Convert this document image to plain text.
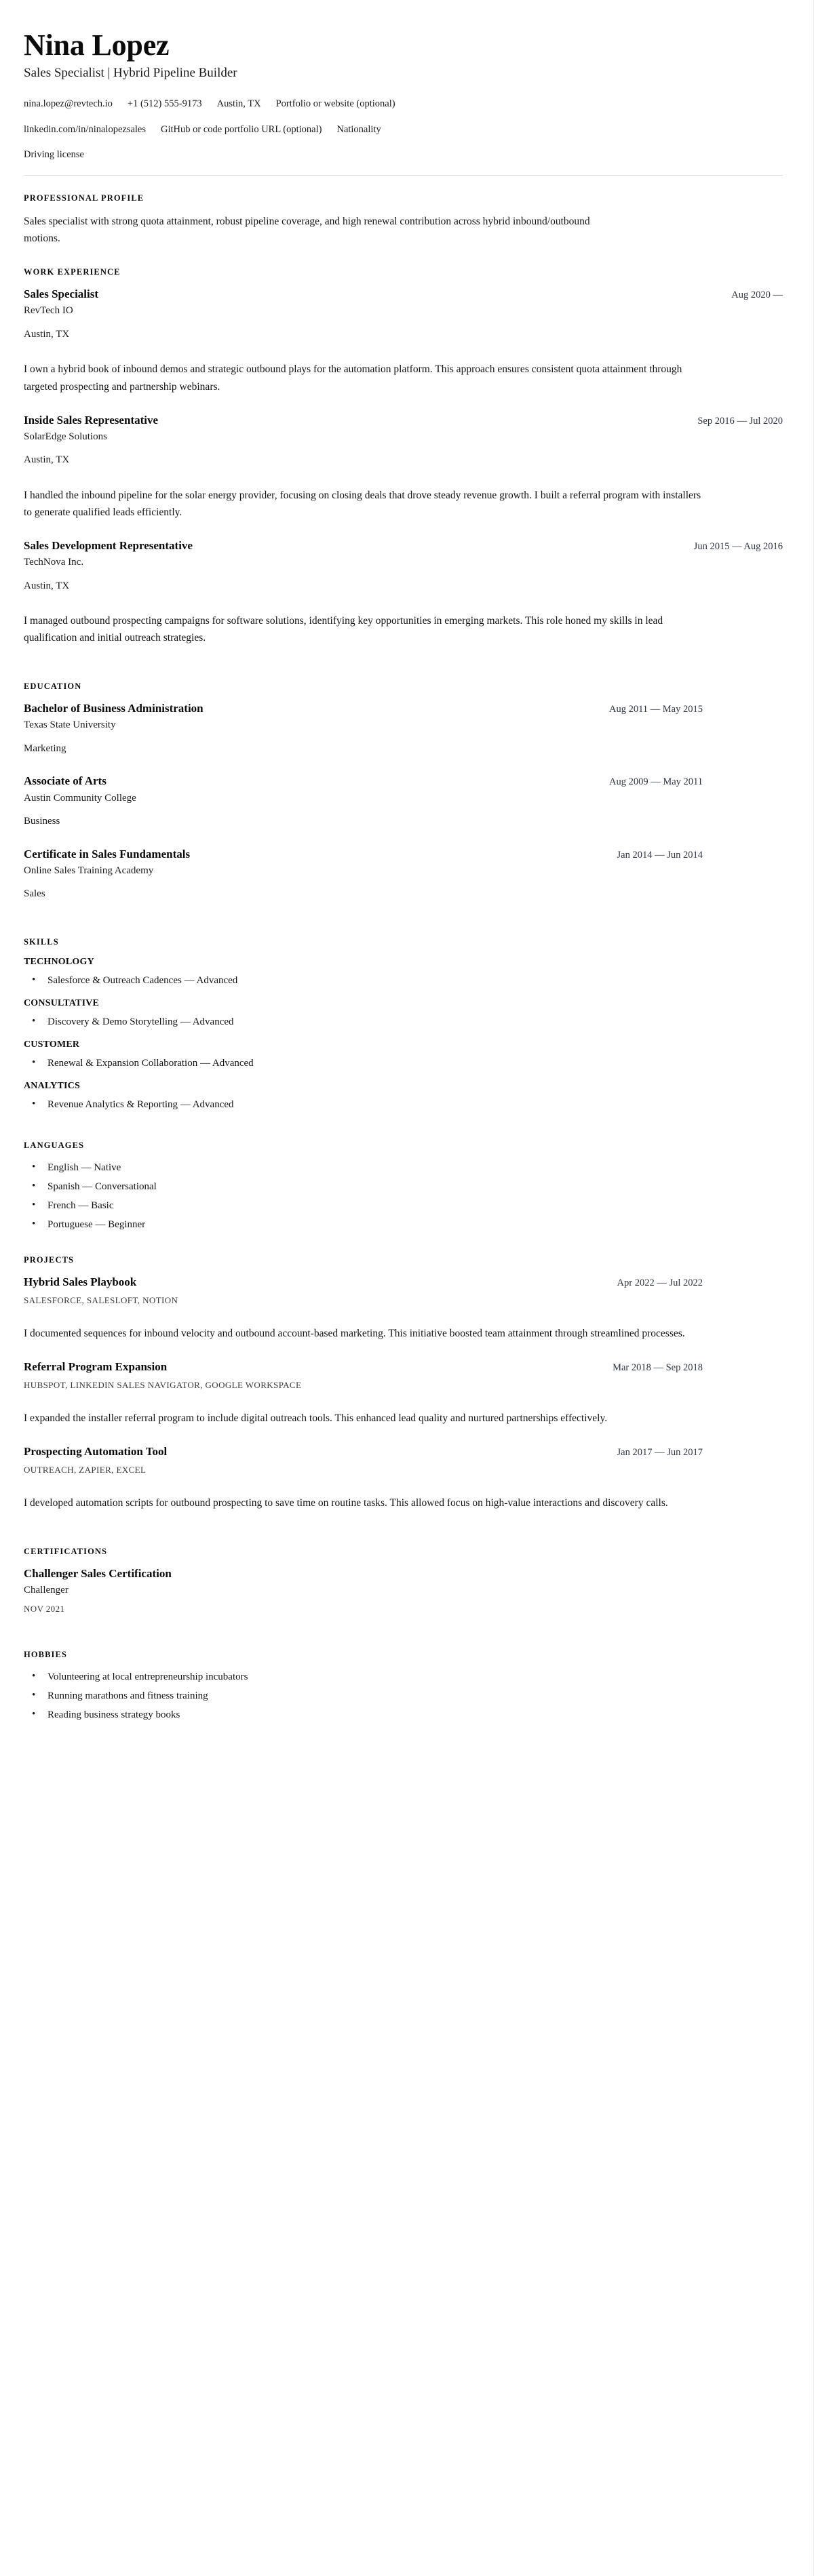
Nina Lopez
Sales Specialist | Hybrid Pipeline Builder
nina.lopez@revtech.io +1 (512) 555-9173 Austin, TX Portfolio or website (optional)
linkedin.com/in/ninalopezsales GitHub or code portfolio URL (optional) Nationality
Driving license
PROFESSIONAL PROFILE

Sales specialist with strong quota attainment, robust pipeline coverage, and high renewal contribution across hybrid inbound/outbound motions.

WORK EXPERIENCE
Sales Specialist	Aug 2020 —
RevTech IO
Austin, TX

I own a hybrid book of inbound demos and strategic outbound plays for the automation platform. This approach ensures consistent quota attainment through targeted prospecting and partnership webinars.

Inside Sales Representative	Sep 2016 — Jul 2020
SolarEdge Solutions
Austin, TX

I handled the inbound pipeline for the solar energy provider, focusing on closing deals that drove steady revenue growth. I built a referral program with installers to generate qualified leads efficiently.

Sales Development Representative	Jun 2015 — Aug 2016
TechNova Inc.
Austin, TX

I managed outbound prospecting campaigns for software solutions, identifying key opportunities in emerging markets. This role honed my skills in lead qualification and initial outreach strategies.

EDUCATION
Bachelor of Business Administration	Aug 2011 — May 2015
Texas State University
Marketing
Associate of Arts	Aug 2009 — May 2011
Austin Community College
Business
Certificate in Sales Fundamentals	Jan 2014 — Jun 2014
Online Sales Training Academy
Sales
SKILLS
TECHNOLOGY
• Salesforce & Outreach Cadences — Advanced
CONSULTATIVE
• Discovery & Demo Storytelling — Advanced
CUSTOMER
• Renewal & Expansion Collaboration — Advanced
ANALYTICS
• Revenue Analytics & Reporting — Advanced
LANGUAGES
• English — Native
• Spanish — Conversational
• French — Basic
• Portuguese — Beginner
PROJECTS
Hybrid Sales Playbook	Apr 2022 — Jul 2022
SALESFORCE, SALESLOFT, NOTION

I documented sequences for inbound velocity and outbound account-based marketing. This initiative boosted team attainment through streamlined processes.

Referral Program Expansion	Mar 2018 — Sep 2018
HUBSPOT, LINKEDIN SALES NAVIGATOR, GOOGLE WORKSPACE

I expanded the installer referral program to include digital outreach tools. This enhanced lead quality and nurtured partnerships effectively.

Prospecting Automation Tool	Jan 2017 — Jun 2017
OUTREACH, ZAPIER, EXCEL

I developed automation scripts for outbound prospecting to save time on routine tasks. This allowed focus on high-value interactions and discovery calls.

CERTIFICATIONS
Challenger Sales Certification
Challenger
NOV 2021
HOBBIES
• Volunteering at local entrepreneurship incubators
• Running marathons and fitness training
• Reading business strategy books
